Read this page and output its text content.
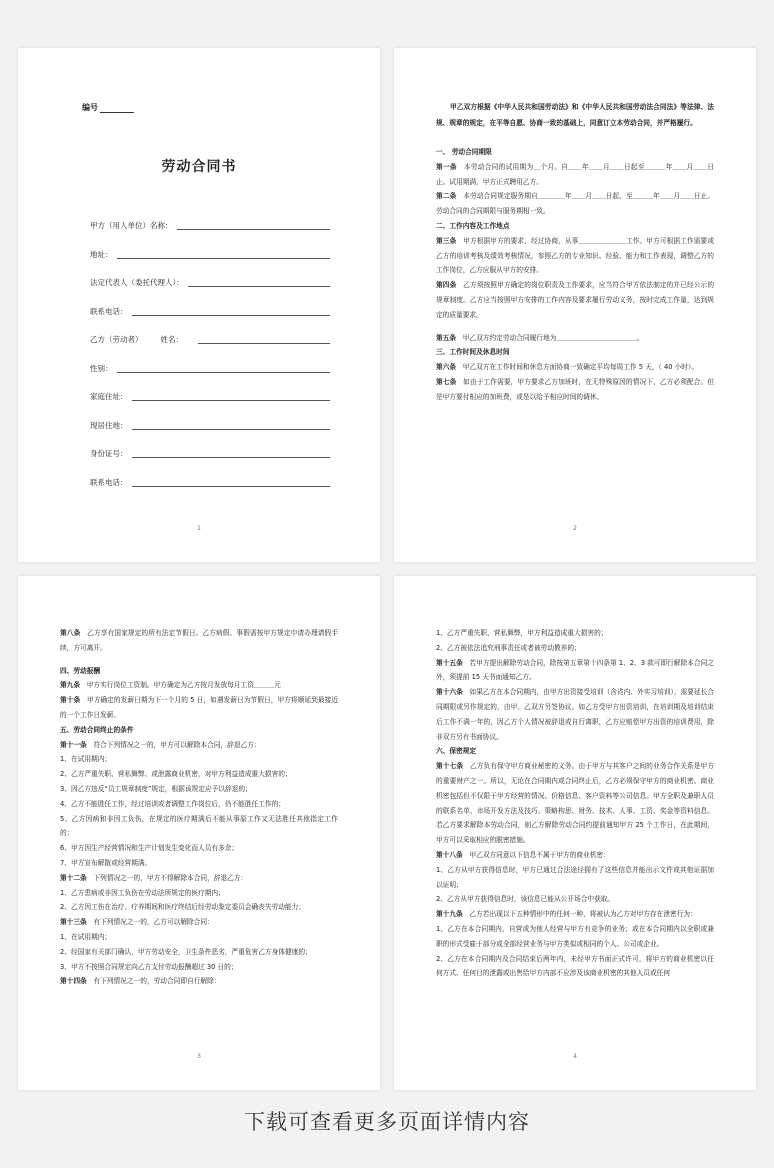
编号
劳动合同书
甲方（用人单位）名称：
地址：
法定代表人（委托代理人）：
联系电话：
乙方（劳动者） 姓名：
性别：
家庭住址：
现居住地：
身份证号：
联系电话：
1

甲乙双方根据《中华人民共和国劳动法》和《中华人民共和国劳动法合同法》等法律、法规、规章的规定，在平等自愿、协商一致的基础上，同意订立本劳动合同，并严格履行。

一、 劳动合同期限

第一条　 本劳动合同的试用期为＿个月。自＿＿年＿＿月＿＿日起至＿＿＿年＿＿月＿＿日止。试用期满，甲方正式聘用乙方。

第二条　 本劳动合同规定服务期自＿＿＿＿年＿＿月＿＿日起，至＿＿＿年＿＿月＿＿日止。劳动合同的合同期限与服务期相一致。

二、工作内容及工作地点

第三条　 甲方根据甲方的要求，经过协商，从事＿＿＿＿＿＿＿工作。甲方可根据工作需要或乙方的培训考核及绩效考核情况，参照乙方的专业知识、经验、能力和工作表现，调整乙方的工作岗位，乙方应服从甲方的安排。

第四条　 乙方须按照甲方确定的岗位职责及工作要求，应当符合甲方依法制定的并已经公示的规章制度。乙方应当按照甲方安排的工作内容及要求履行劳动义务，按时完成工作量，达到规定的质量要求。

第五条　 甲乙双方约定劳动合同履行地为＿＿＿＿＿＿＿＿＿＿＿＿。

三、工作时间及休息时间

第六条　 甲乙双方在工作时间和休息方面协商一致确定平均每周工作 5 天，（ 40 小时）。

第七条　 如由于工作需要，甲方要求乙方加班时，在无特殊原因的情况下，乙方必须配合。但是甲方要付相应的加班费，或是以给予相应时间的调休。

2

第八条　 乙方享有国家规定的所有法定节假日。乙方病假、事假需按甲方规定申请办理请假手续，方可离开。

四、劳动报酬

第九条　 甲方实行岗位工资制。甲方确定为乙方按月发放每月工资＿＿＿元

第十条　 甲方确定的发薪日期为下一个月的 5 日，如遇发薪日为节假日，甲方将顺延到最接近的一个工作日发薪。

五、劳动合同终止的条件

第十一条　 符合下列情况之一的，甲方可以解除本合同，辞退乙方：

1、在试用期内；

2、乙方严重失职、营私舞弊、或泄露商业机密，对甲方利益造成重大损害的；

3、因乙方违反“员工规章制度”规定，根据该规定应予以辞退的；

4、乙方不能胜任工作，经过培训或者调整工作岗位后，仍不能胜任工作的；

5、乙方因病和非因工负伤，在规定的医疗期满后不能从事原工作又无法胜任其他指定工作的；

6、甲方因生产经营情况和生产计划发生变化而人员有多余；

7、甲方宣布解散或经营期满。

第十二条　 下列情况之一的，甲方不得解除本合同，辞退乙方：

1、乙方患病或非因工负伤在劳动法所规定的医疗期内；

2、乙方因工伤在治疗、疗养期间和医疗终结后经劳动鉴定委员会确丧失劳动能力；

第十三条　 有下列情况之一的，乙方可以解除合同：

1、在试用期内；

2、经国家有关部门确认，甲方劳动安全，卫生条件恶劣，严重危害乙方身体健康的；

3、甲方不按照合同规定向乙方支付劳动报酬超过 30 日的；

第十四条　 有下列情况之一的，劳动合同即自行解除：

3

1、乙方严重失职，营私舞弊，甲方利益造成重大损害的；

2、乙方被依法追究刑事责任或者被劳动教养的；

第十五条　 若甲方提出解除劳动合同，除按第五章第十四条第 1、2、3 款可即行解除本合同之外，须提前 15 天书面通知乙方。

第十六条　 如果乙方在本合同期内，由甲方出资接受培训（含省内、外实习培训），需要延长合同期限或另作规定的，由甲、乙双方另签协议。如乙方受甲方出资培训，在培训期及培训结束后工作不满一年的，因乙方个人情况被辞退或自行离职，乙方应赔偿甲方出资的培训费用，除非双方另有书面协议。

六、保密规定

第十七条　 乙方负有保守甲方商业秘密的义务。由于甲方与其客户之间的业务合作关系是甲方的重要财产之一。所以，无论在合同期内或合同终止后，乙方必须保守甲方的商业机密。商业机密包括但不仅限于甲方经营的情况、价格信息、客户资料等公司信息。甲方全职及兼职人员的联系名单、市场开发方法及技巧、策略构思、财务、技术、人事、工资、奖金等资料信息。若乙方要求解除本劳动合同，则乙方解除劳动合同约提前通知甲方 25 个工作日，在此期间，甲方可以采取相应的脱密措施。

第十八条　 甲乙双方同意以下信息不属于甲方的商业机密：

1、乙方从甲方获得信息时，甲方已通过合法途径拥有了这些信息并能出示文件或其他证据加以证明；

2、乙方从甲方获得信息时，该信息已能从公开场合中获取。

第十九条　 乙方若出现以下五种情形中的任何一种，将被认为乙方对甲方存在泄密行为：

1、乙方在本合同期内，自营或为他人经营与甲方有竞争的业务；或在本合同期内以全职或兼职的形式受雇于部分或全部经营业务与甲方类似或相同的个人、公司或企业。

2、乙方在本合同期内及合同结束后两年内，未经甲方书面正式许可，将甲方的商业机密以任何方式、任何目的泄露或出售给甲方内部不应涉及该商业机密的其他人员或任何

4
下载可查看更多页面详情内容
